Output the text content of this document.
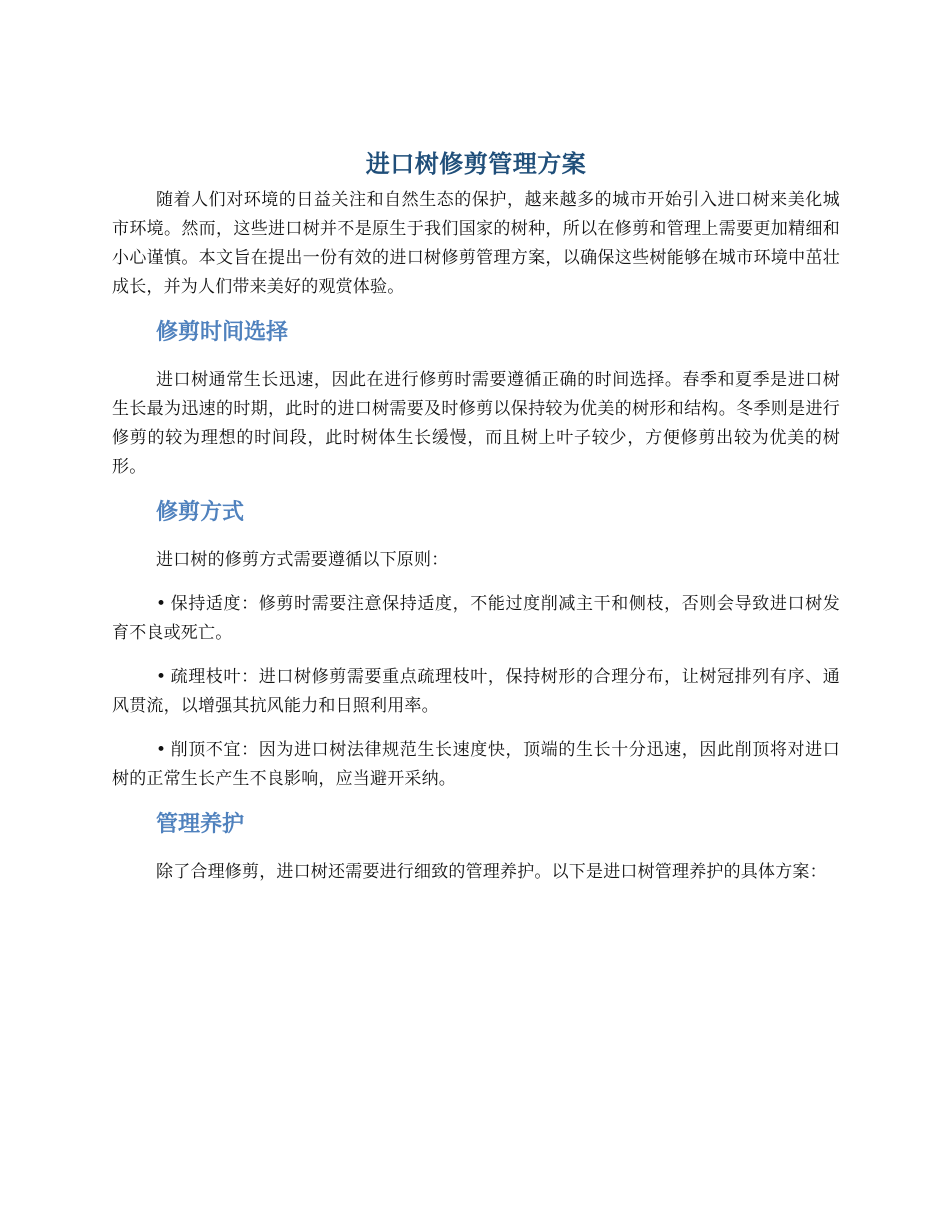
进口树修剪管理方案

随着人们对环境的日益关注和自然生态的保护，越来越多的城市开始引入进口树来美化城市环境。然而，这些进口树并不是原生于我们国家的树种，所以在修剪和管理上需要更加精细和小心谨慎。本文旨在提出一份有效的进口树修剪管理方案，以确保这些树能够在城市环境中茁壮成长，并为人们带来美好的观赏体验。

修剪时间选择

进口树通常生长迅速，因此在进行修剪时需要遵循正确的时间选择。春季和夏季是进口树生长最为迅速的时期，此时的进口树需要及时修剪以保持较为优美的树形和结构。冬季则是进行修剪的较为理想的时间段，此时树体生长缓慢，而且树上叶子较少，方便修剪出较为优美的树形。

修剪方式

进口树的修剪方式需要遵循以下原则：

• 保持适度：修剪时需要注意保持适度，不能过度削减主干和侧枝，否则会导致进口树发育不良或死亡。

• 疏理枝叶：进口树修剪需要重点疏理枝叶，保持树形的合理分布，让树冠排列有序、通风贯流，以增强其抗风能力和日照利用率。

• 削顶不宜：因为进口树法律规范生长速度快，顶端的生长十分迅速，因此削顶将对进口树的正常生长产生不良影响，应当避开采纳。

管理养护

除了合理修剪，进口树还需要进行细致的管理养护。以下是进口树管理养护的具体方案：
